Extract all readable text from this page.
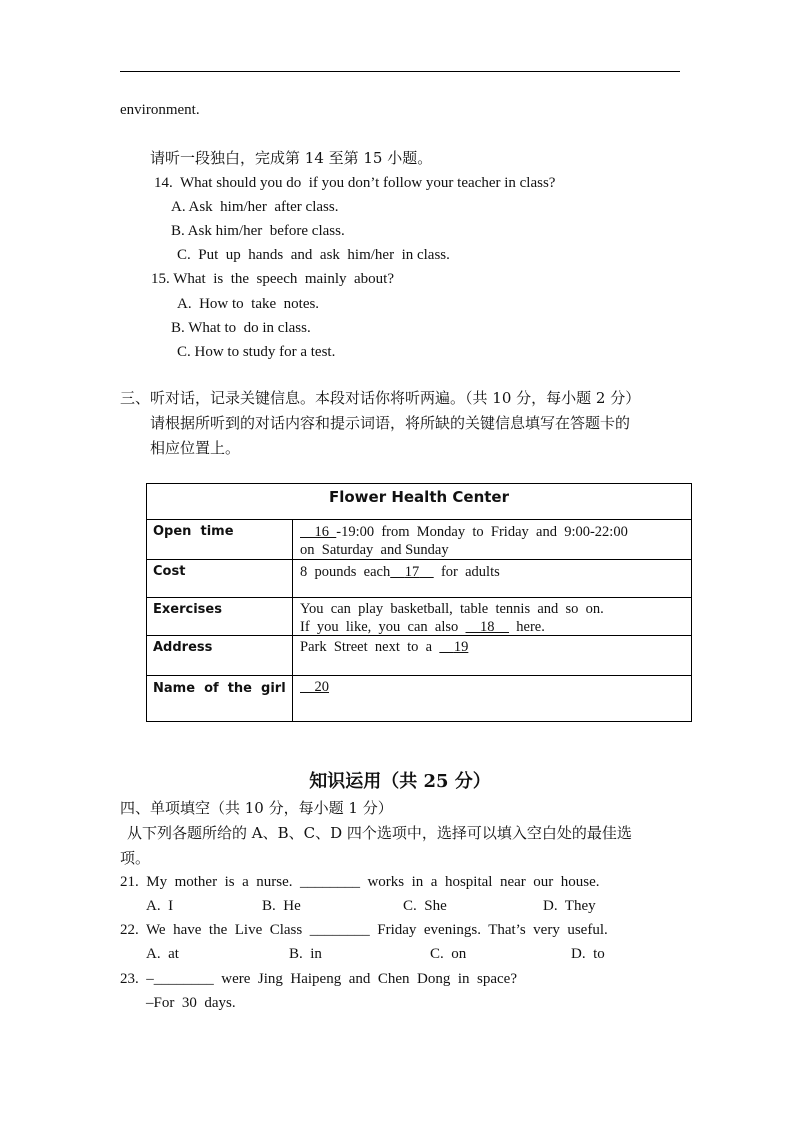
environment.
请听一段独白，完成第 14 至第 15 小题。
14.  What should you do  if you don’t follow your teacher in class?
A. Ask  him/her  after class.
B. Ask him/her  before class.
C.  Put  up  hands  and  ask  him/her  in class.
15. What  is  the  speech  mainly  about?
A.  How to  take  notes.
B. What to  do in class.
C. How to study for a test.
三、听对话，记录关键信息。本段对话你将听两遍。（共 10 分，每小题 2 分）
请根据所听到的对话内容和提示词语，将所缺的关键信息填写在答题卡的
相应位置上。
Flower Health Center
Open  time	16 -19:00  from  Monday  to  Friday  and  9:00-22:00
on  Saturday  and Sunday
Cost	8  pounds  each 17      for  adults
Exercises	You  can  play  basketball,  table  tennis  and  so  on.
If  you  like,  you  can  also      18      here.
Address	Park  Street  next  to  a      19
Name  of  the  girl	20
知识运用（共 25 分）
四、单项填空（共 10 分，每小题 1 分）
从下列各题所给的 A、B、C、D 四个选项中，选择可以填入空白处的最佳选
项。
21.  My  mother  is  a  nurse.  ________  works  in  a  hospital  near  our  house.
A.  I	B.  He	C.  She	D.  They
22.  We  have  the  Live  Class  ________  Friday  evenings.  That’s  very  useful.
A.  at	B.  in	C.  on	D.  to
23.  –________  were  Jing  Haipeng  and  Chen  Dong  in  space?
–For  30  days.
